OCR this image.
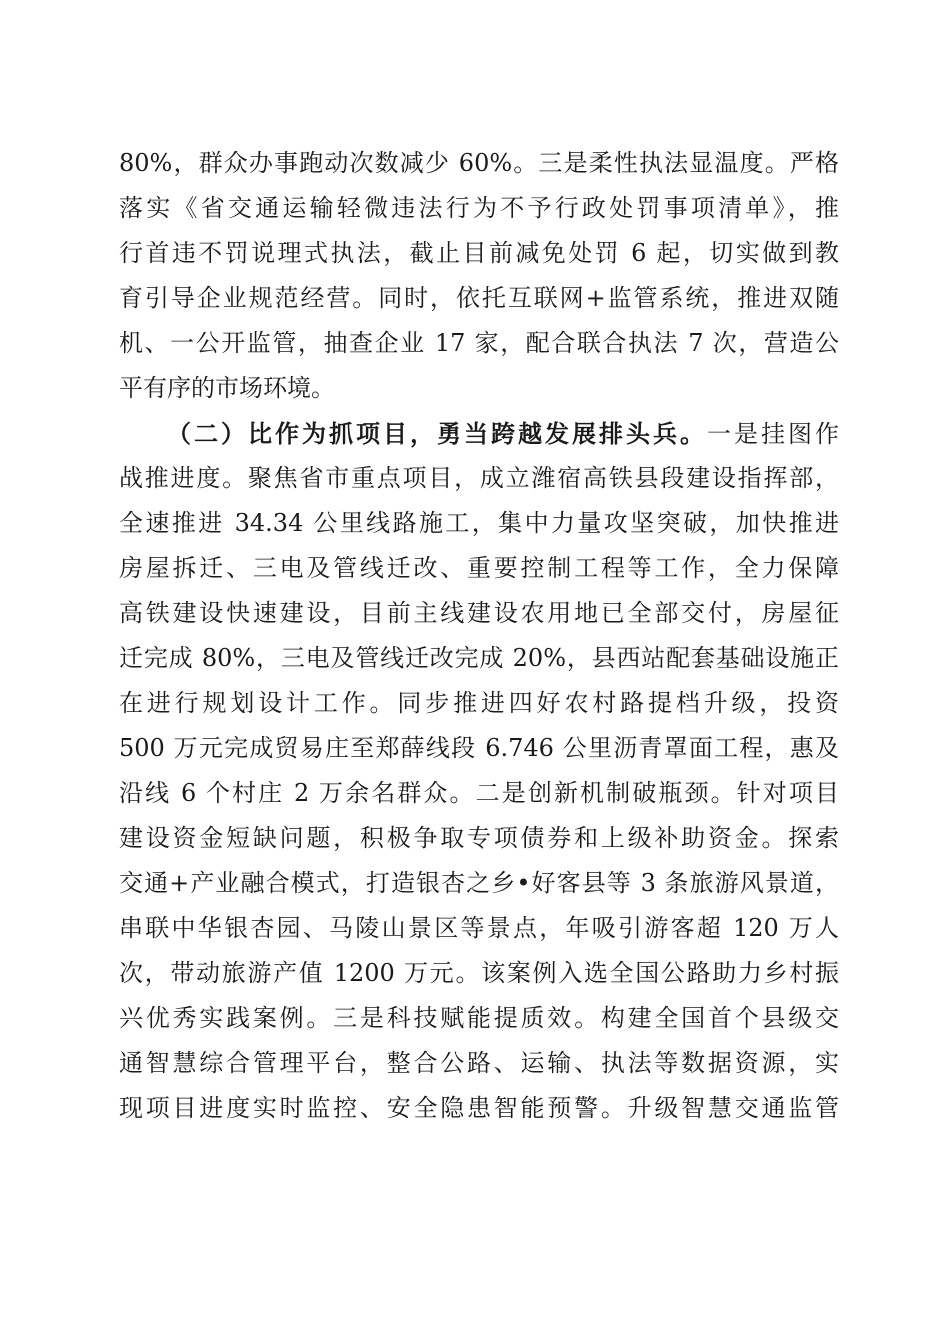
80%，群众办事跑动次数减少 60%。三是柔性执法显温度。严格
落实《省交通运输轻微违法行为不予行政处罚事项清单》，推
行首违不罚说理式执法，截止目前减免处罚 6 起，切实做到教
育引导企业规范经营。同时，依托互联网+监管系统，推进双随
机、一公开监管，抽查企业 17 家，配合联合执法 7 次，营造公
平有序的市场环境。
（二）比作为抓项目，勇当跨越发展排头兵。一是挂图作
战推进度。聚焦省市重点项目，成立潍宿高铁县段建设指挥部，
全速推进 34.34 公里线路施工，集中力量攻坚突破，加快推进
房屋拆迁、三电及管线迁改、重要控制工程等工作，全力保障
高铁建设快速建设，目前主线建设农用地已全部交付，房屋征
迁完成 80%，三电及管线迁改完成 20%，县西站配套基础设施正
在进行规划设计工作。同步推进四好农村路提档升级，投资
500 万元完成贸易庄至郑薛线段 6.746 公里沥青罩面工程，惠及
沿线 6 个村庄 2 万余名群众。二是创新机制破瓶颈。针对项目
建设资金短缺问题，积极争取专项债券和上级补助资金。探索
交通+产业融合模式，打造银杏之乡•好客县等 3 条旅游风景道，
串联中华银杏园、马陵山景区等景点，年吸引游客超 120 万人
次，带动旅游产值 1200 万元。该案例入选全国公路助力乡村振
兴优秀实践案例。三是科技赋能提质效。构建全国首个县级交
通智慧综合管理平台，整合公路、运输、执法等数据资源，实
现项目进度实时监控、安全隐患智能预警。升级智慧交通监管
